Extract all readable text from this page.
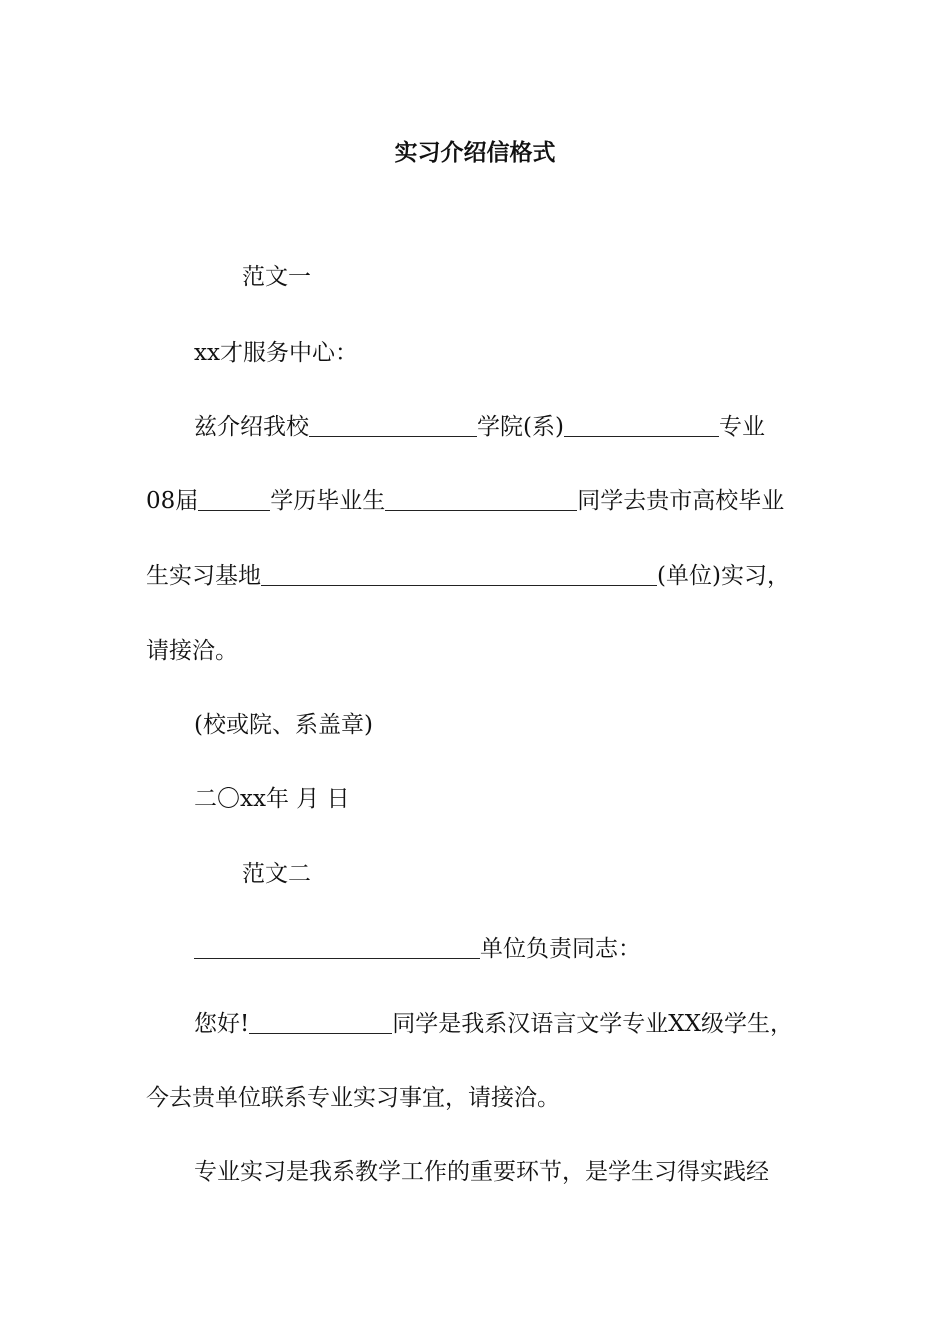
实习介绍信格式
范文一
xx才服务中心：
兹介绍我校	学院(系)	专业
08届	学历毕业生	同学去贵市高校毕业
生实习基地	(单位)实习，
请接洽。
(校或院、系盖章)
二〇xx年 月 日
范文二
单位负责同志：
您好!	同学是我系汉语言文学专业XX级学生，
今去贵单位联系专业实习事宜，请接洽。
专业实习是我系教学工作的重要环节，是学生习得实践经
